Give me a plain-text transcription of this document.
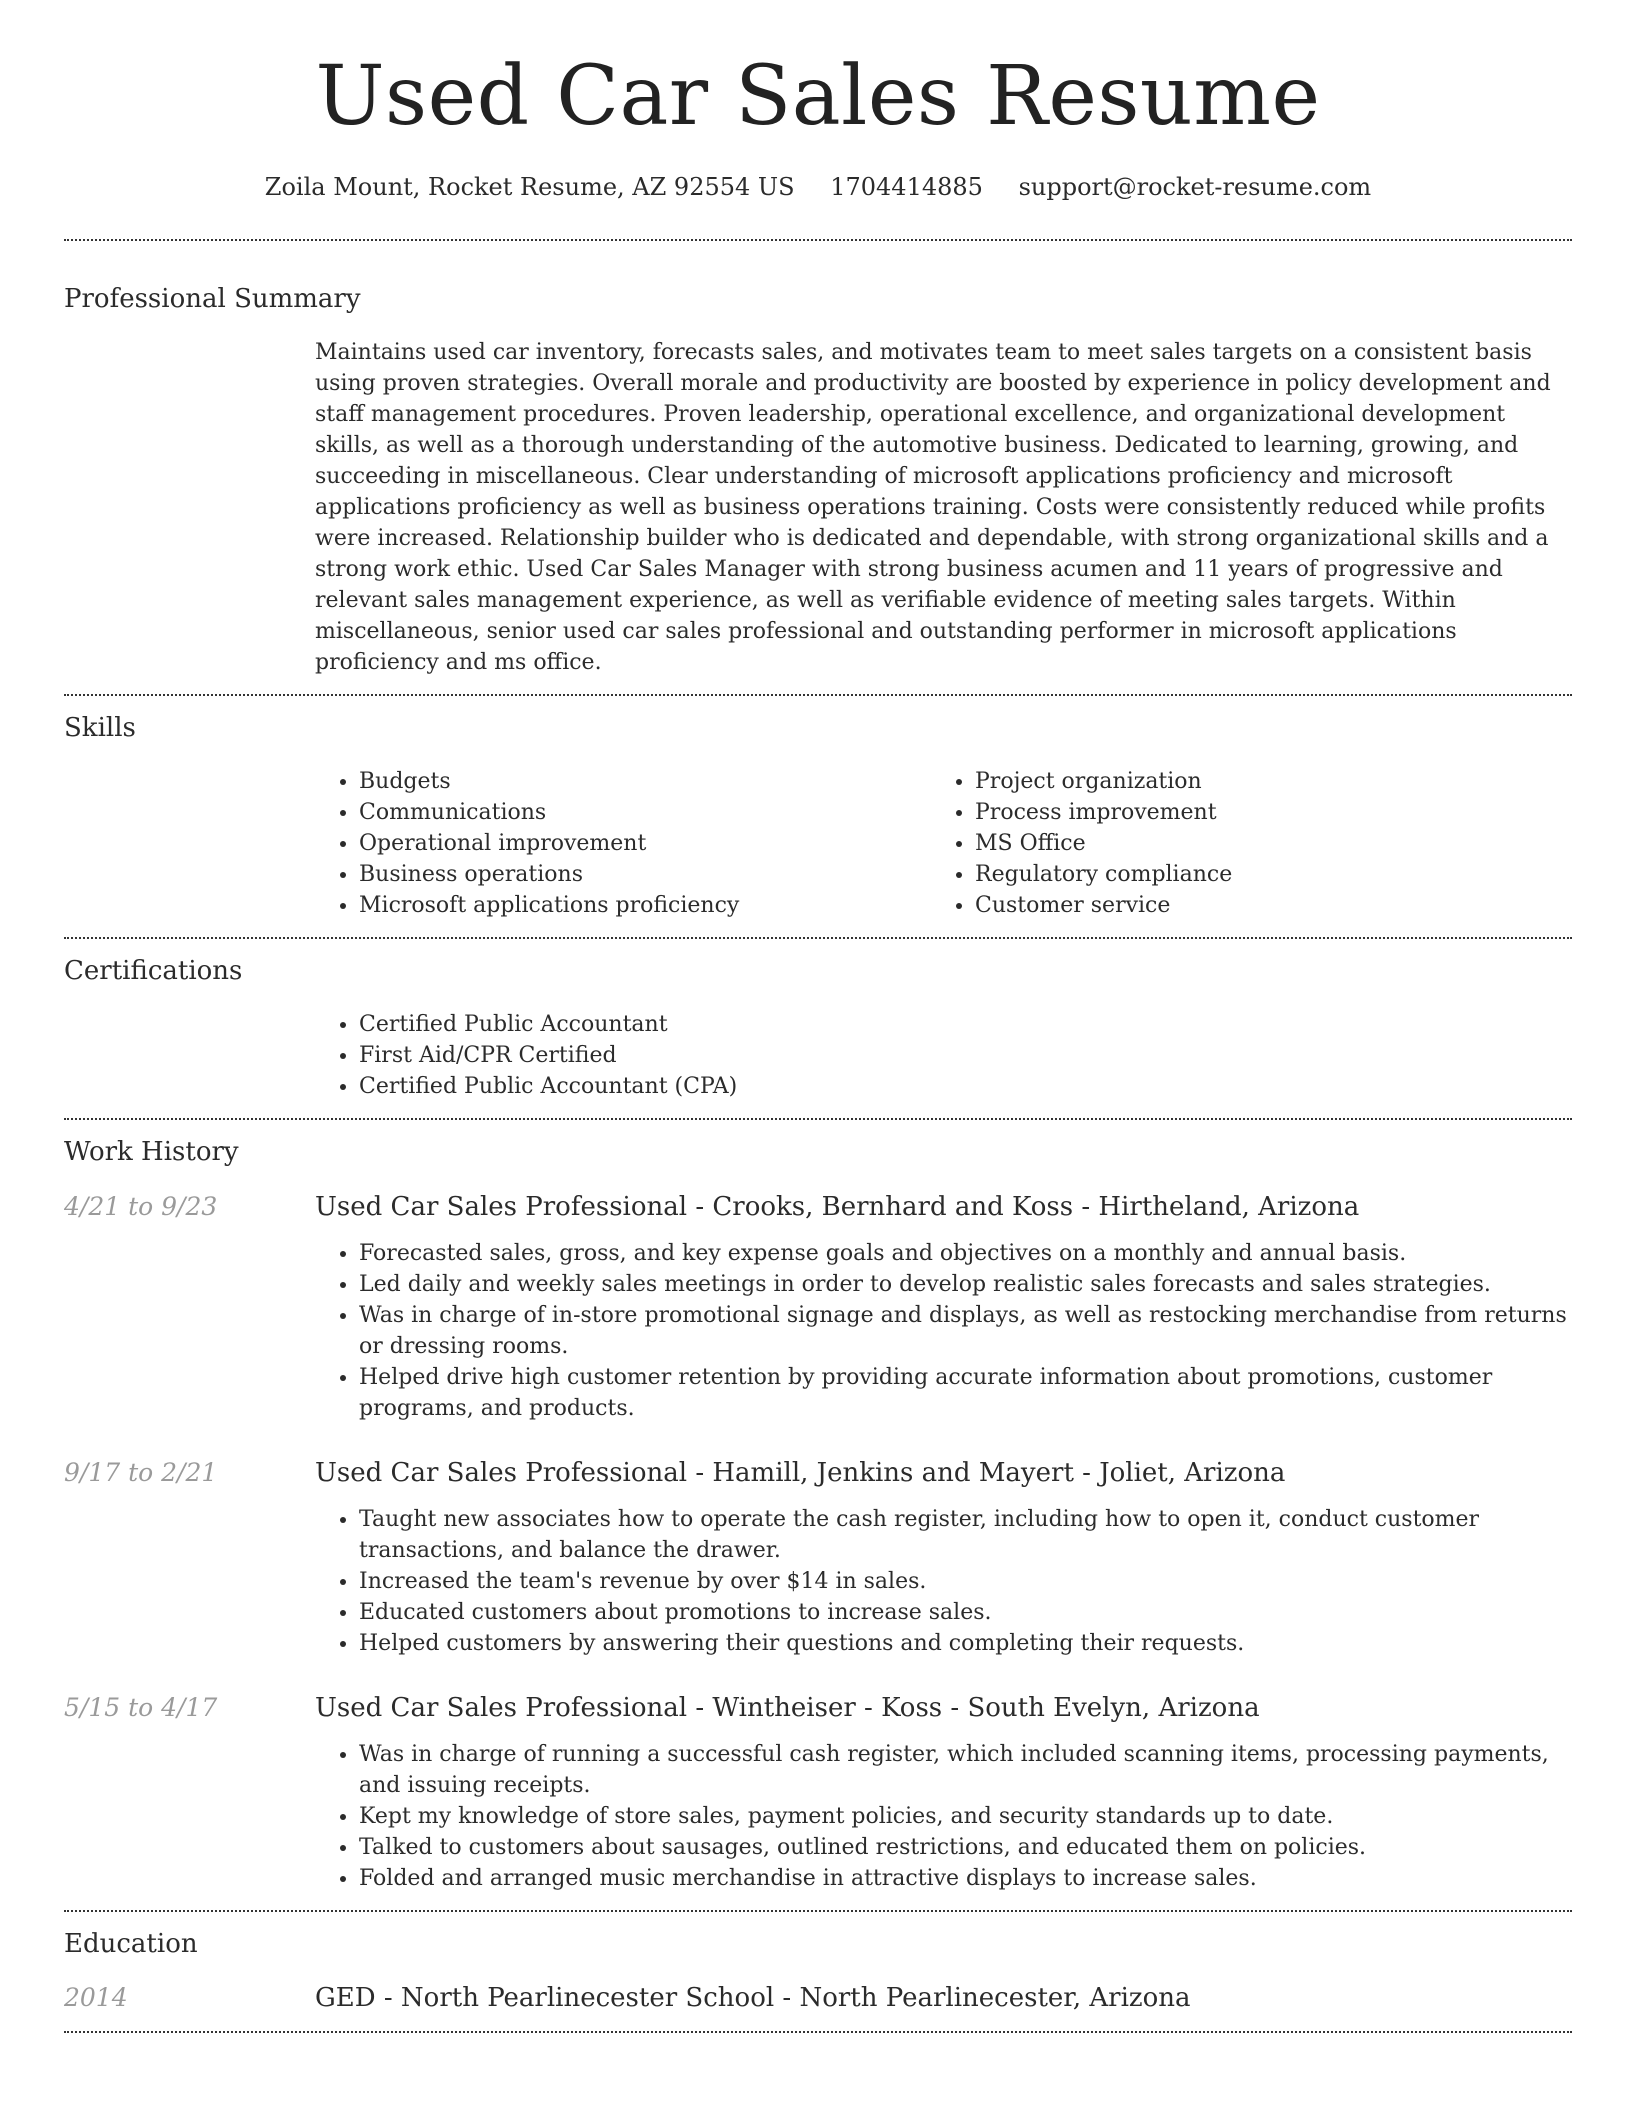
Used Car Sales Resume
Zoila Mount, Rocket Resume, AZ 92554 US 1704414885 support@rocket-resume.com
Professional Summary
Maintains used car inventory, forecasts sales, and motivates team to meet sales targets on a consistent basis using proven strategies. Overall morale and productivity are boosted by experience in policy development and staff management procedures. Proven leadership, operational excellence, and organizational development skills, as well as a thorough understanding of the automotive business. Dedicated to learning, growing, and succeeding in miscellaneous. Clear understanding of microsoft applications proficiency and microsoft applications proficiency as well as business operations training. Costs were consistently reduced while profits were increased. Relationship builder who is dedicated and dependable, with strong organizational skills and a strong work ethic. Used Car Sales Manager with strong business acumen and 11 years of progressive and relevant sales management experience, as well as verifiable evidence of meeting sales targets. Within miscellaneous, senior used car sales professional and outstanding performer in microsoft applications proficiency and ms office.
Skills
• Budgets
• Communications
• Operational improvement
• Business operations
• Microsoft applications proficiency
• Project organization
• Process improvement
• MS Office
• Regulatory compliance
• Customer service
Certifications
• Certified Public Accountant
• First Aid/CPR Certified
• Certified Public Accountant (CPA)
Work History
4/21 to 9/23	Used Car Sales Professional - Crooks, Bernhard and Koss - Hirtheland, Arizona
• Forecasted sales, gross, and key expense goals and objectives on a monthly and annual basis.
• Led daily and weekly sales meetings in order to develop realistic sales forecasts and sales strategies.
• Was in charge of in-store promotional signage and displays, as well as restocking merchandise from returns or dressing rooms.
• Helped drive high customer retention by providing accurate information about promotions, customer programs, and products.
9/17 to 2/21	Used Car Sales Professional - Hamill, Jenkins and Mayert - Joliet, Arizona
• Taught new associates how to operate the cash register, including how to open it, conduct customer transactions, and balance the drawer.
• Increased the team's revenue by over $14 in sales.
• Educated customers about promotions to increase sales.
• Helped customers by answering their questions and completing their requests.
5/15 to 4/17	Used Car Sales Professional - Wintheiser - Koss - South Evelyn, Arizona
• Was in charge of running a successful cash register, which included scanning items, processing payments, and issuing receipts.
• Kept my knowledge of store sales, payment policies, and security standards up to date.
• Talked to customers about sausages, outlined restrictions, and educated them on policies.
• Folded and arranged music merchandise in attractive displays to increase sales.
Education
2014	GED - North Pearlinecester School - North Pearlinecester, Arizona
